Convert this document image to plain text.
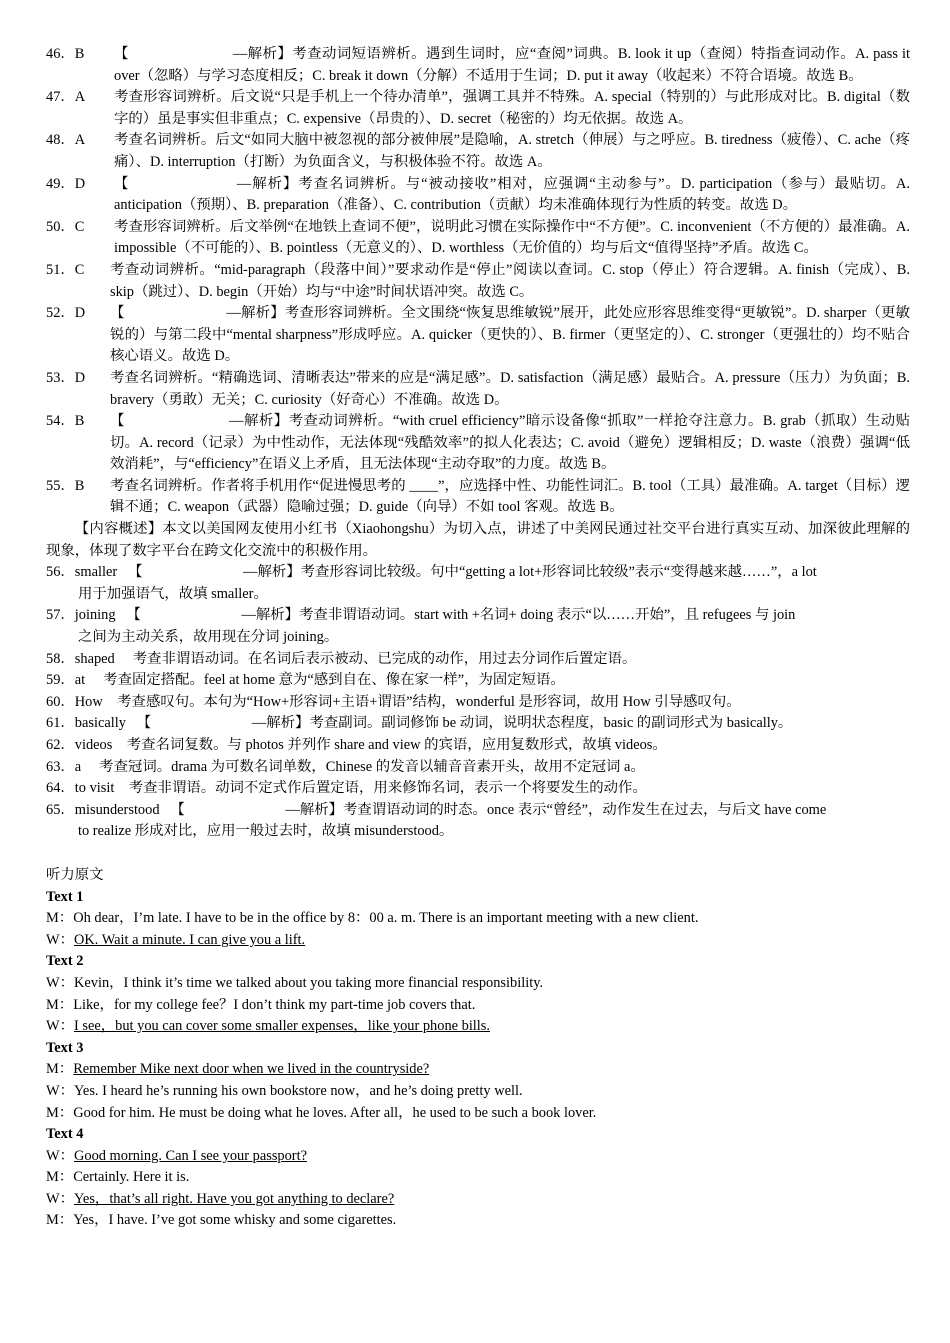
46．B	【　　　　　　　—解析】考查动词短语辨析。遇到生词时，应“查阅”词典。B. look it up（查阅）特指查词动作。A. pass it over（忽略）与学习态度相反；C. break it down（分解）不适用于生词；D. put it away（收起来）不符合语境。故选 B。
47．A	考查形容词辨析。后文说“只是手机上一个待办清单”，强调工具并不特殊。A. special（特别的）与此形成对比。B. digital（数字的）虽是事实但非重点；C. expensive（昂贵的）、D. secret（秘密的）均无依据。故选 A。
48．A	考查名词辨析。后文“如同大脑中被忽视的部分被伸展”是隐喻，A. stretch（伸展）与之呼应。B. tiredness（疲倦）、C. ache（疼痛）、D. interruption（打断）为负面含义，与积极体验不符。故选 A。
49．D	【　　　　　　　—解析】考查名词辨析。与“被动接收”相对，应强调“主动参与”。D. participation（参与）最贴切。A. anticipation（预期）、B. preparation（准备）、C. contribution（贡献）均未准确体现行为性质的转变。故选 D。
50．C	考查形容词辨析。后文举例“在地铁上查词不便”，说明此习惯在实际操作中“不方便”。C. inconvenient（不方便的）最准确。A. impossible（不可能的）、B. pointless（无意义的）、D. worthless（无价值的）均与后文“值得坚持”矛盾。故选 C。
51．C	考查动词辨析。“mid-paragraph（段落中间）”要求动作是“停止”阅读以查词。C. stop（停止）符合逻辑。A. finish（完成）、B. skip（跳过）、D. begin（开始）均与“中途”时间状语冲突。故选 C。
52．D	【　　　　　　　—解析】考查形容词辨析。全文围绕“恢复思维敏锐”展开，此处应形容思维变得“更敏锐”。D. sharper（更敏锐的）与第二段中“mental sharpness”形成呼应。A. quicker（更快的）、B. firmer（更坚定的）、C. stronger（更强壮的）均不贴合核心语义。故选 D。
53．D	考查名词辨析。“精确选词、清晰表达”带来的应是“满足感”。D. satisfaction（满足感）最贴合。A. pressure（压力）为负面；B. bravery（勇敢）无关；C. curiosity（好奇心）不准确。故选 D。
54．B	【　　　　　　　—解析】考查动词辨析。“with cruel efficiency”暗示设备像“抓取”一样抢夺注意力。B. grab（抓取）生动贴切。A. record（记录）为中性动作，无法体现“残酷效率”的拟人化表达；C. avoid（避免）逻辑相反；D. waste（浪费）强调“低效消耗”，与“efficiency”在语义上矛盾，且无法体现“主动夺取”的力度。故选 B。
55．B	考查名词辨析。作者将手机用作“促进慢思考的 ____”，应选择中性、功能性词汇。B. tool（工具）最准确。A. target（目标）逻辑不通；C. weapon（武器）隐喻过强；D. guide（向导）不如 tool 客观。故选 B。
【内容概述】本文以美国网友使用小红书（Xiaohongshu）为切入点，讲述了中美网民通过社交平台进行真实互动、加深彼此理解的现象，体现了数字平台在跨文化交流中的积极作用。
56．smaller 【　　　　　　　—解析】考查形容词比较级。句中“getting a lot+形容词比较级”表示“变得越来越……”，a lot
用于加强语气，故填 smaller。
57．joining 【　　　　　　　—解析】考查非谓语动词。start with +名词+ doing 表示“以……开始”，且 refugees 与 join
之间为主动关系，故用现在分词 joining。
58．shaped 考查非谓语动词。在名词后表示被动、已完成的动作，用过去分词作后置定语。
59．at 考查固定搭配。feel at home 意为“感到自在、像在家一样”，为固定短语。
60．How 考查感叹句。本句为“How+形容词+主语+谓语”结构，wonderful 是形容词，故用 How 引导感叹句。
61．basically 【　　　　　　　—解析】考查副词。副词修饰 be 动词，说明状态程度，basic 的副词形式为 basically。
62．videos 考查名词复数。与 photos 并列作 share and view 的宾语，应用复数形式，故填 videos。
63．a 考查冠词。drama 为可数名词单数，Chinese 的发音以辅音音素开头，故用不定冠词 a。
64．to visit 考查非谓语。动词不定式作后置定语，用来修饰名词，表示一个将要发生的动作。
65．misunderstood 【　　　　　　　—解析】考查谓语动词的时态。once 表示“曾经”，动作发生在过去，与后文 have come
to realize 形成对比，应用一般过去时，故填 misunderstood。
听力原文
Text 1
M：Oh dear，I’m late. I have to be in the office by 8：00 a. m. There is an important meeting with a new client.
W：OK. Wait a minute. I can give you a lift.
Text 2
W：Kevin，I think it’s time we talked about you taking more financial responsibility.
M：Like，for my college fee？I don’t think my part-time job covers that.
W：I see，but you can cover some smaller expenses，like your phone bills.
Text 3
M：Remember Mike next door when we lived in the countryside?
W：Yes. I heard he’s running his own bookstore now，and he’s doing pretty well.
M：Good for him. He must be doing what he loves. After all，he used to be such a book lover.
Text 4
W：Good morning. Can I see your passport?
M：Certainly. Here it is.
W：Yes，that’s all right. Have you got anything to declare?
M：Yes，I have. I’ve got some whisky and some cigarettes.
